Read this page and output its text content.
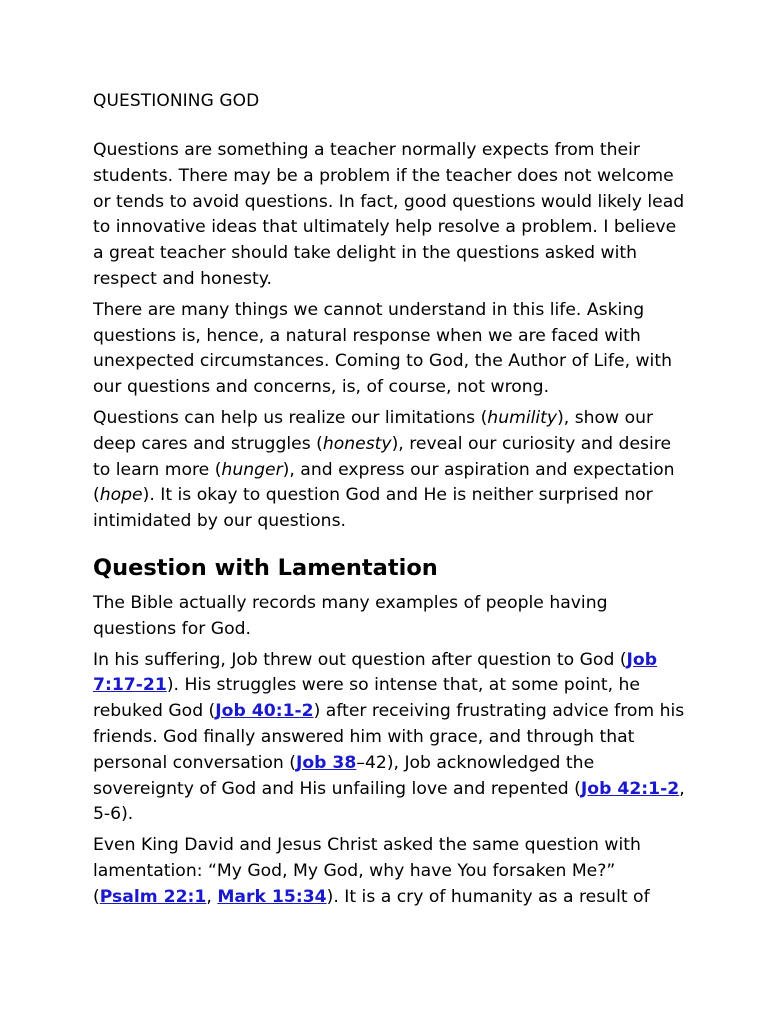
QUESTIONING GOD

Questions are something a teacher normally expects from their students. There may be a problem if the teacher does not welcome or tends to avoid questions. In fact, good questions would likely lead to innovative ideas that ultimately help resolve a problem. I believe a great teacher should take delight in the questions asked with respect and honesty.

There are many things we cannot understand in this life. Asking questions is, hence, a natural response when we are faced with unexpected circumstances. Coming to God, the Author of Life, with our questions and concerns, is, of course, not wrong.

Questions can help us realize our limitations (humility), show our deep cares and struggles (honesty), reveal our curiosity and desire to learn more (hunger), and express our aspiration and expectation (hope). It is okay to question God and He is neither surprised nor intimidated by our questions.

Question with Lamentation

The Bible actually records many examples of people having questions for God.

In his suffering, Job threw out question after question to God (Job 7:17-21). His struggles were so intense that, at some point, he rebuked God (Job 40:1-2) after receiving frustrating advice from his friends. God finally answered him with grace, and through that personal conversation (Job 38–42), Job acknowledged the sovereignty of God and His unfailing love and repented (Job 42:1-2, 5-6).

Even King David and Jesus Christ asked the same question with lamentation: “My God, My God, why have You forsaken Me?” (Psalm 22:1, Mark 15:34). It is a cry of humanity as a result of
